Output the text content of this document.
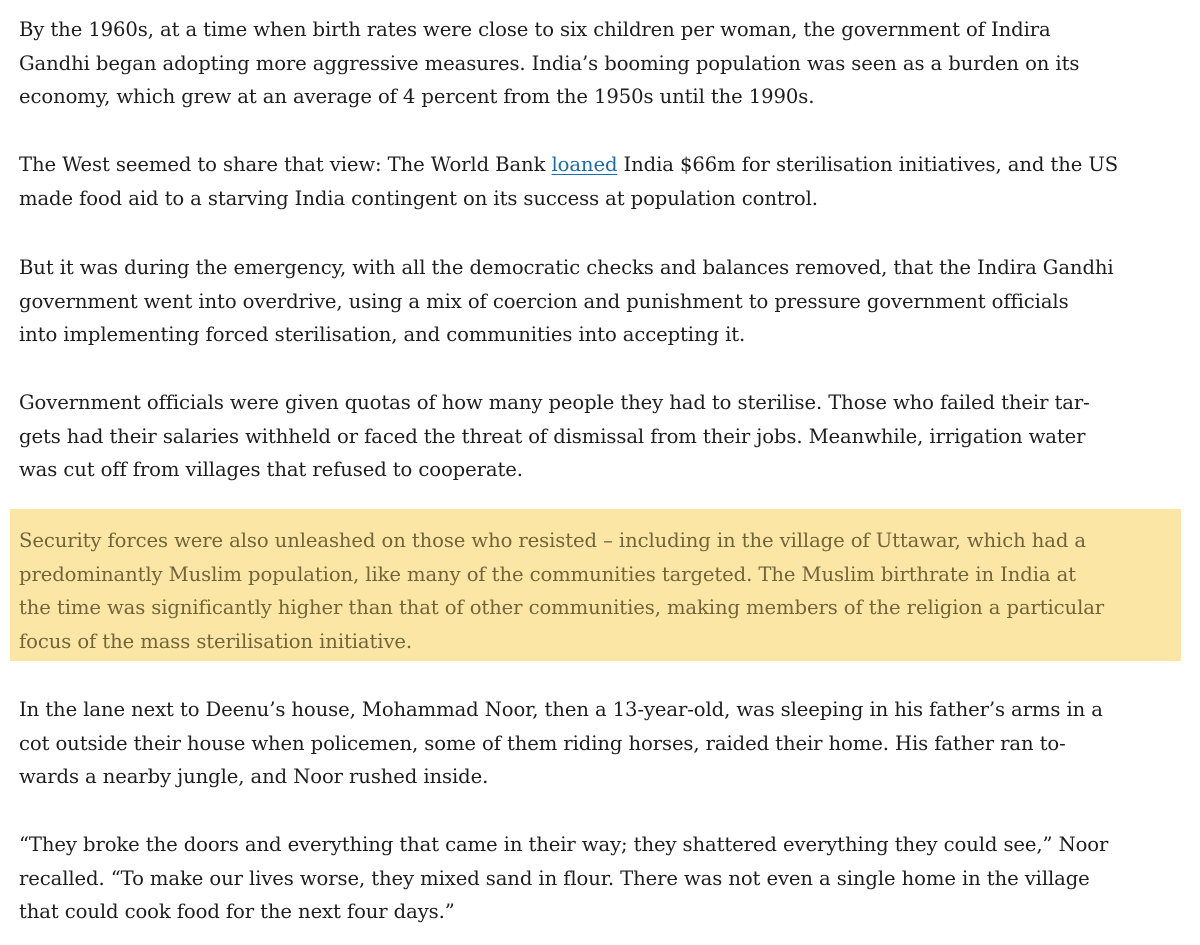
By the 1960s, at a time when birth rates were close to six children per woman, the government of Indira
Gandhi began adopting more aggressive measures. India’s booming population was seen as a burden on its
economy, which grew at an average of 4 percent from the 1950s until the 1990s.

The West seemed to share that view: The World Bank loaned India $66m for sterilisation initiatives, and the US
made food aid to a starving India contingent on its success at population control.

But it was during the emergency, with all the democratic checks and balances removed, that the Indira Gandhi
government went into overdrive, using a mix of coercion and punishment to pressure government officials
into implementing forced sterilisation, and communities into accepting it.

Government officials were given quotas of how many people they had to sterilise. Those who failed their tar-
gets had their salaries withheld or faced the threat of dismissal from their jobs. Meanwhile, irrigation water
was cut off from villages that refused to cooperate.

Security forces were also unleashed on those who resisted – including in the village of Uttawar, which had a
predominantly Muslim population, like many of the communities targeted. The Muslim birthrate in India at
the time was significantly higher than that of other communities, making members of the religion a particular
focus of the mass sterilisation initiative.

In the lane next to Deenu’s house, Mohammad Noor, then a 13-year-old, was sleeping in his father’s arms in a
cot outside their house when policemen, some of them riding horses, raided their home. His father ran to-
wards a nearby jungle, and Noor rushed inside.

“They broke the doors and everything that came in their way; they shattered everything they could see,” Noor
recalled. “To make our lives worse, they mixed sand in flour. There was not even a single home in the village
that could cook food for the next four days.”
